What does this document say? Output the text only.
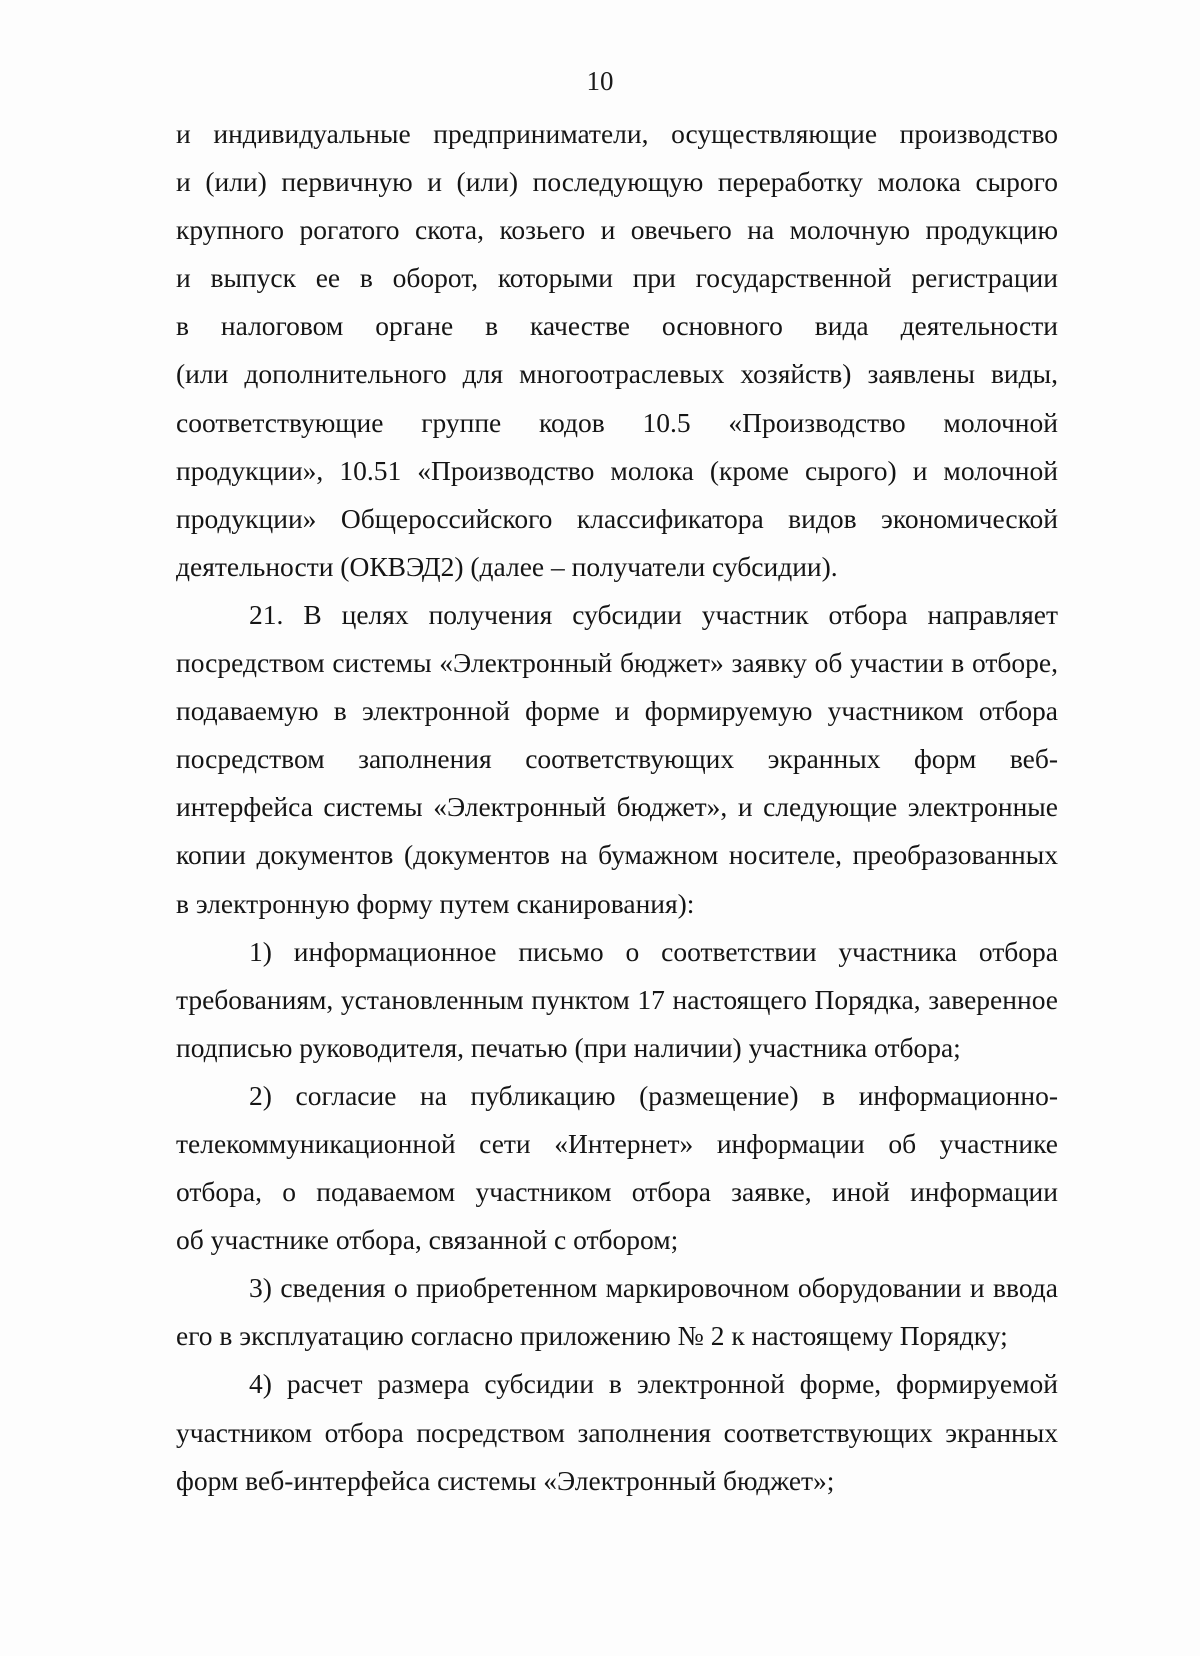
10
и индивидуальные предприниматели, осуществляющие производство
и (или) первичную и (или) последующую переработку молока сырого
крупного рогатого скота, козьего и овечьего на молочную продукцию
и выпуск ее в оборот, которыми при государственной регистрации
в налоговом органе в качестве основного вида деятельности
(или дополнительного для многоотраслевых хозяйств) заявлены виды,
соответствующие группе кодов 10.5 «Производство молочной
продукции», 10.51 «Производство молока (кроме сырого) и молочной
продукции» Общероссийского классификатора видов экономической
деятельности (ОКВЭД2) (далее – получатели субсидии).
21. В целях получения субсидии участник отбора направляет
посредством системы «Электронный бюджет» заявку об участии в отборе,
подаваемую в электронной форме и формируемую участником отбора
посредством заполнения соответствующих экранных форм веб-
интерфейса системы «Электронный бюджет», и следующие электронные
копии документов (документов на бумажном носителе, преобразованных
в электронную форму путем сканирования):
1) информационное письмо о соответствии участника отбора
требованиям, установленным пунктом 17 настоящего Порядка, заверенное
подписью руководителя, печатью (при наличии) участника отбора;
2) согласие на публикацию (размещение) в информационно-
телекоммуникационной сети «Интернет» информации об участнике
отбора, о подаваемом участником отбора заявке, иной информации
об участнике отбора, связанной с отбором;
3) сведения о приобретенном маркировочном оборудовании и ввода
его в эксплуатацию согласно приложению № 2 к настоящему Порядку;
4) расчет размера субсидии в электронной форме, формируемой
участником отбора посредством заполнения соответствующих экранных
форм веб-интерфейса системы «Электронный бюджет»;
